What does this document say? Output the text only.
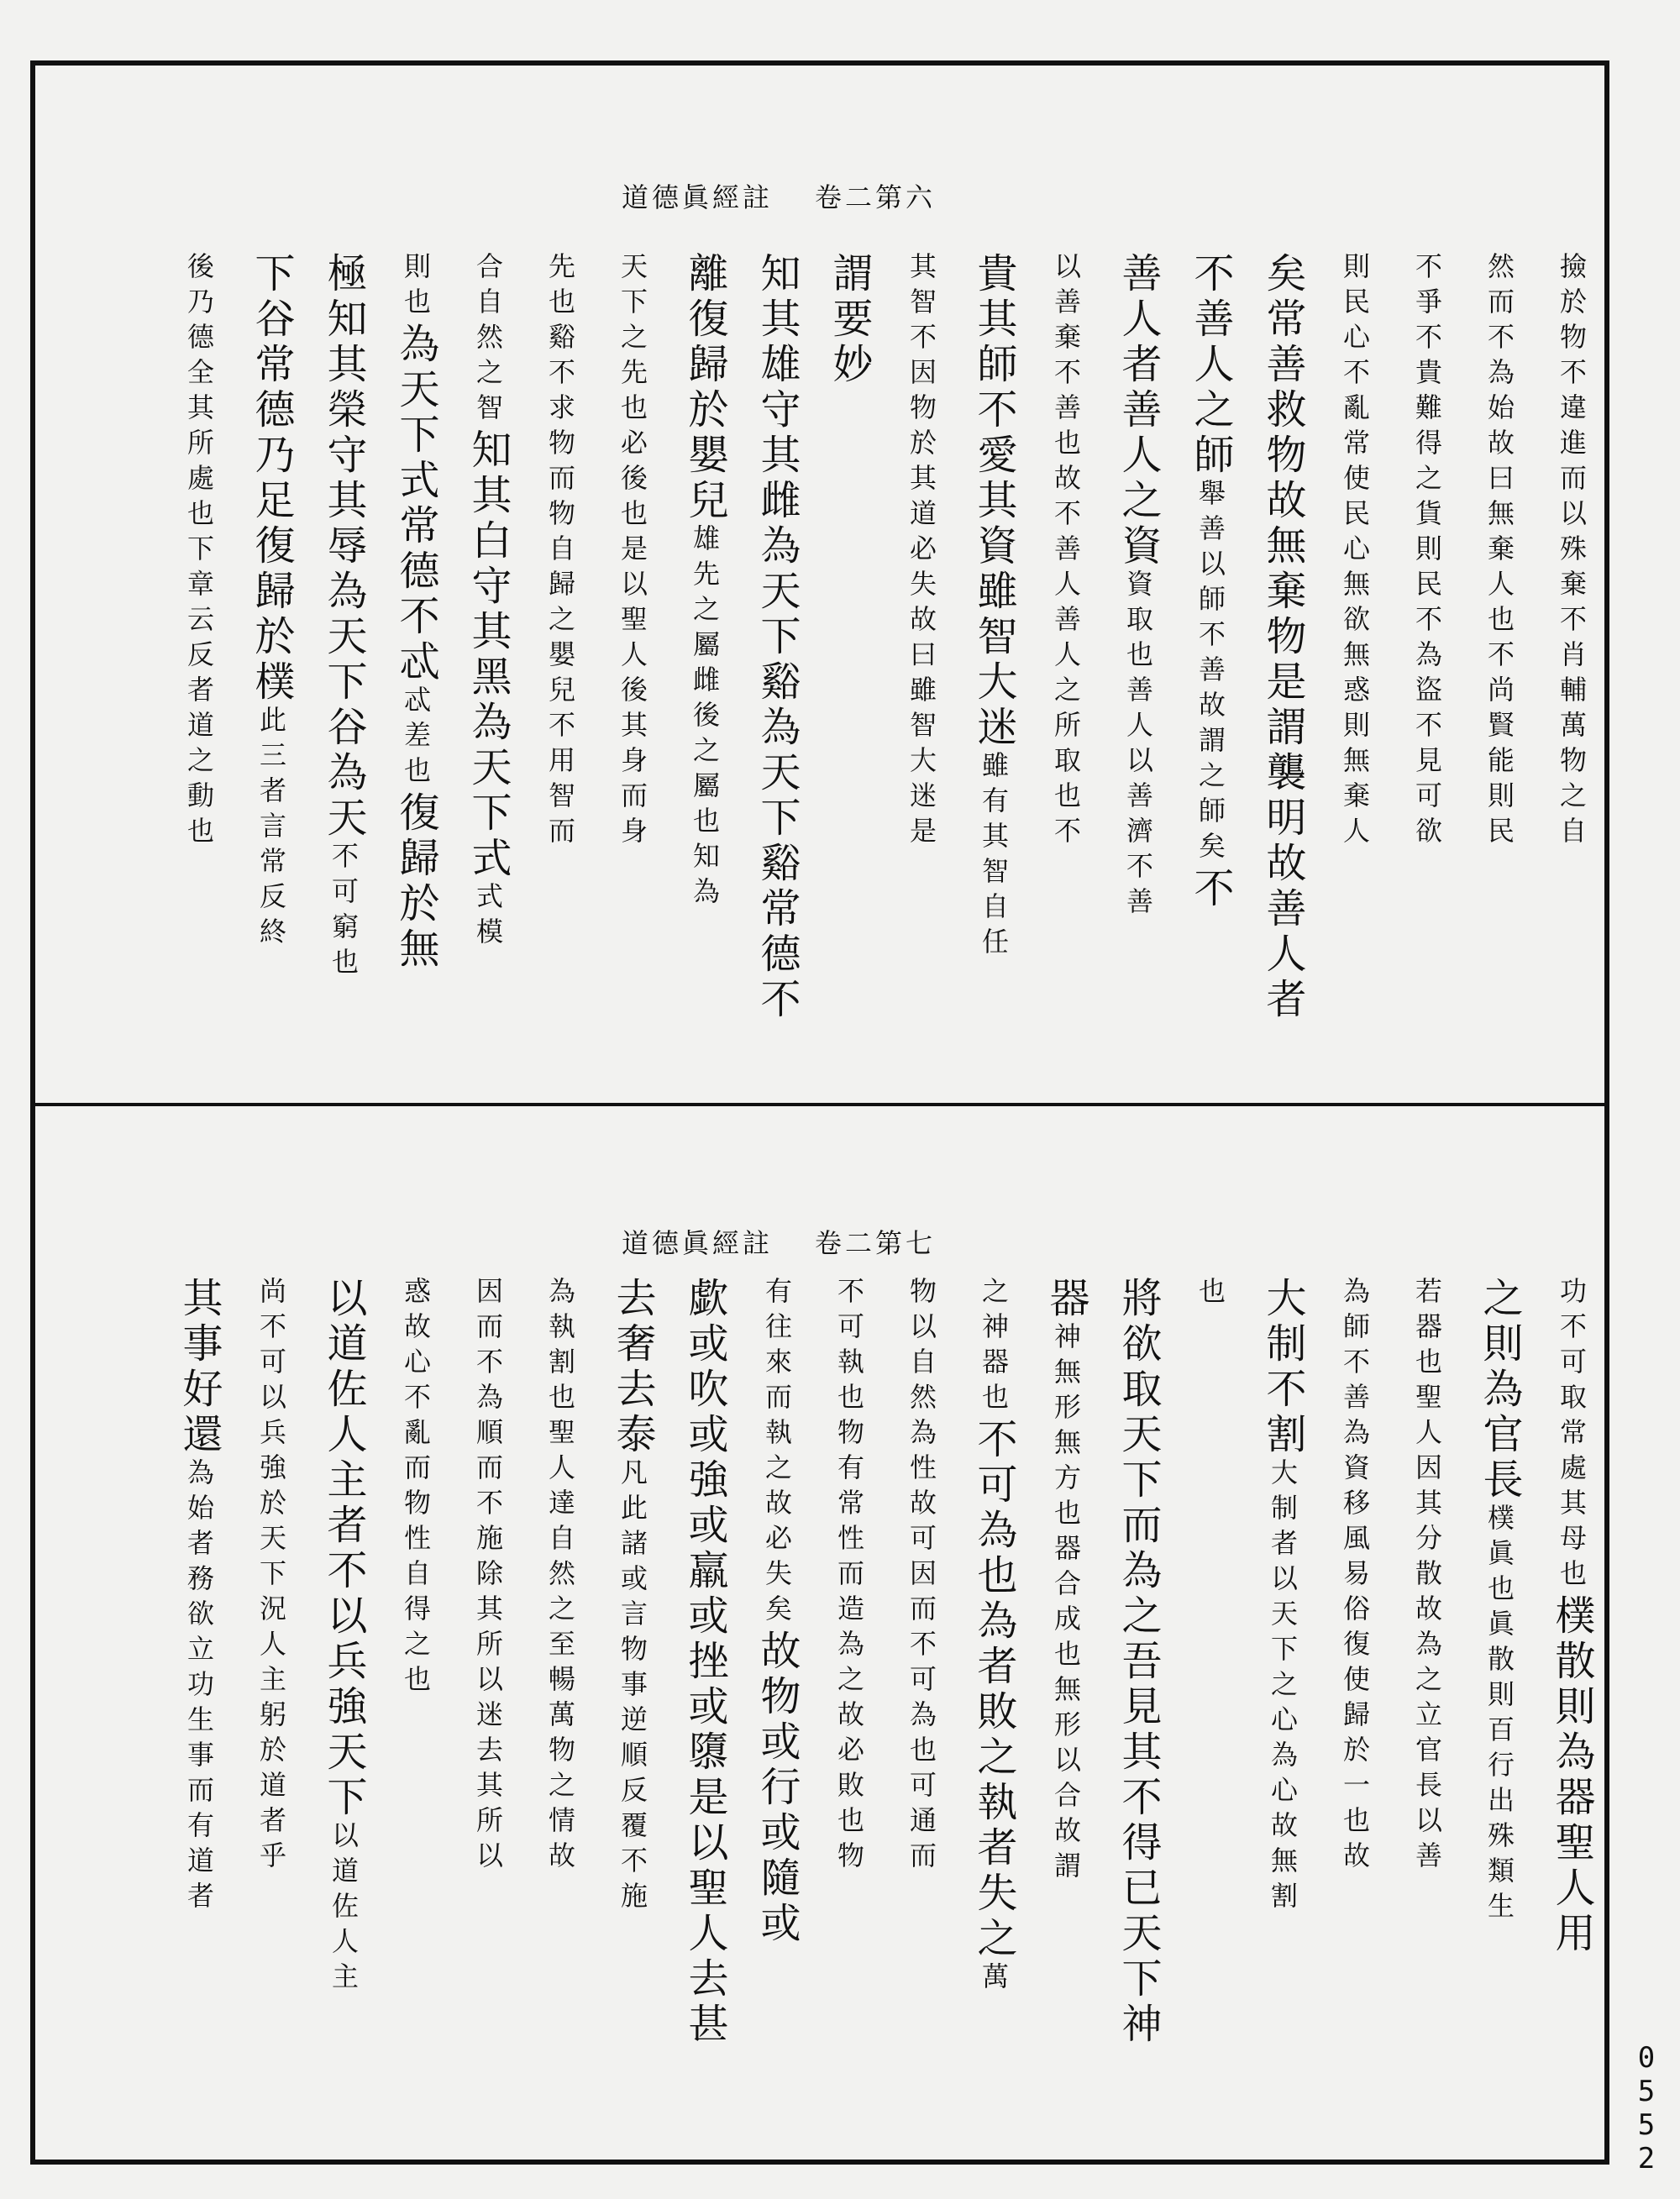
道德眞經註 卷二第六
道德眞經註 卷二第七
撿於物不違進而以殊棄不肖輔萬物之自
然而不為始故曰無棄人也不尚賢能則民
不爭不貴難得之貨則民不為盜不見可欲
則民心不亂常使民心無欲無惑則無棄人
矣常善救物故無棄物是謂襲明故善人者
不善人之師舉善以師不善故謂之師矣不
善人者善人之資資取也善人以善濟不善
以善棄不善也故不善人善人之所取也不
貴其師不愛其資雖智大迷雖有其智自任
其智不因物於其道必失故曰雖智大迷是
謂要妙
知其雄守其雌為天下谿為天下谿常德不
離復歸於嬰兒雄先之屬雌後之屬也知為
天下之先也必後也是以聖人後其身而身
先也谿不求物而物自歸之嬰兒不用智而
合自然之智知其白守其黑為天下式式模
則也為天下式常德不忒忒差也復歸於無
極知其榮守其辱為天下谷為天不可窮也
下谷常德乃足復歸於樸此三者言常反終
後乃德全其所處也下章云反者道之動也
功不可取常處其母也樸散則為器聖人用
之則為官長樸眞也眞散則百行出殊類生
若器也聖人因其分散故為之立官長以善
為師不善為資移風易俗復使歸於一也故
大制不割大制者以天下之心為心故無割
也
將欲取天下而為之吾見其不得已天下神
器神無形無方也器合成也無形以合故謂
之神器也不可為也為者敗之執者失之萬
物以自然為性故可因而不可為也可通而
不可執也物有常性而造為之故必敗也物
有往來而執之故必失矣故物或行或隨或
歔或吹或強或羸或挫或隳是以聖人去甚
去奢去泰凡此諸或言物事逆順反覆不施
為執割也聖人達自然之至暢萬物之情故
因而不為順而不施除其所以迷去其所以
惑故心不亂而物性自得之也
以道佐人主者不以兵強天下以道佐人主
尚不可以兵強於天下況人主躬於道者乎
其事好還為始者務欲立功生事而有道者
0552
